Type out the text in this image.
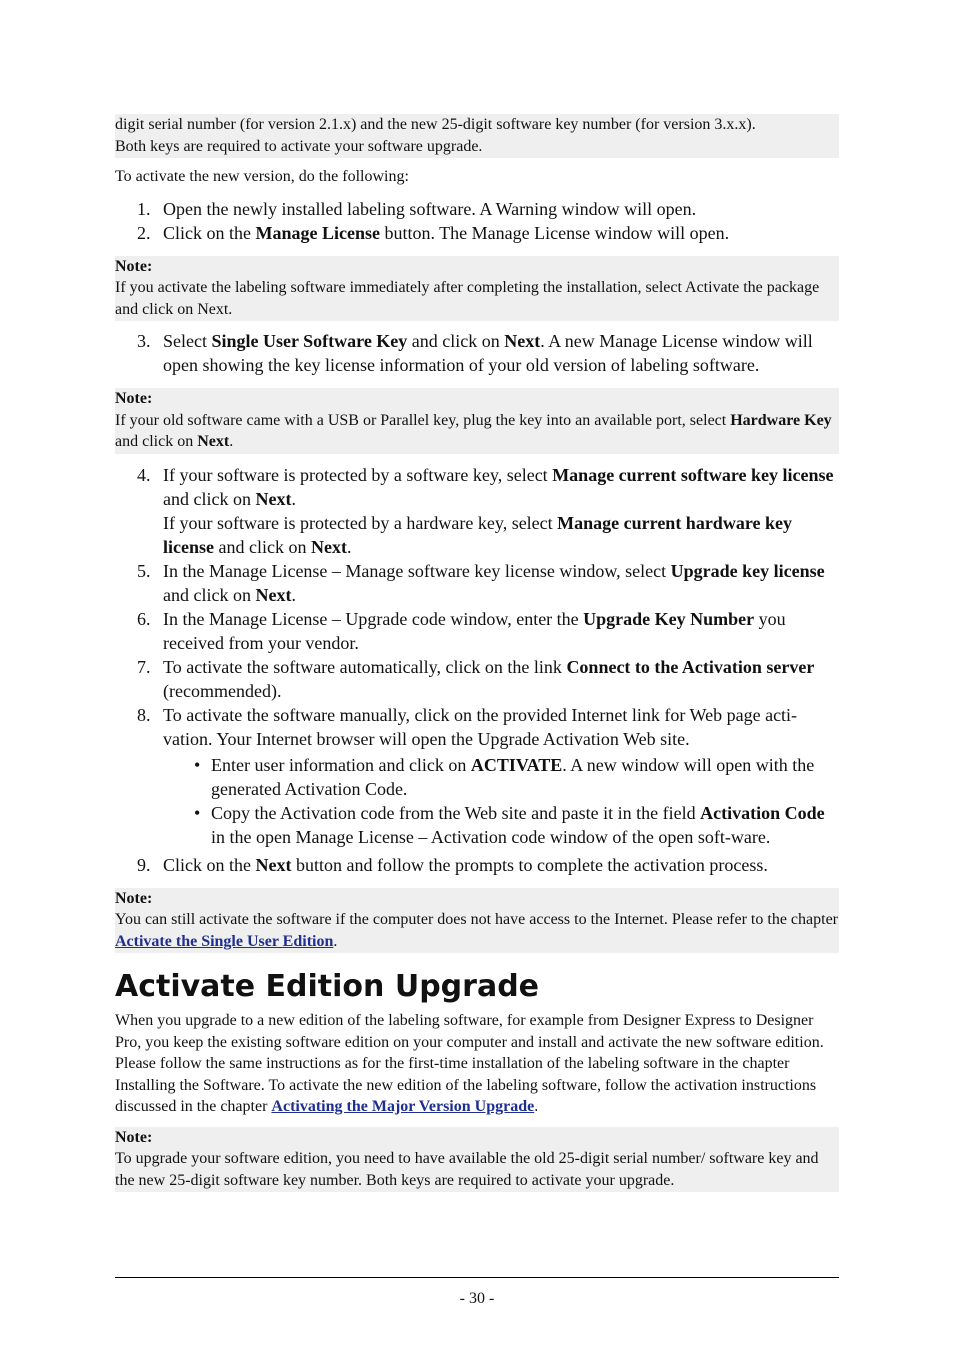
digit serial number (for version 2.1.x) and the new 25-digit software key number (for version 3.x.x).
Both keys are required to activate your software upgrade.
To activate the new version, do the following:
1. Open the newly installed labeling software. A Warning window will open.
2. Click on the Manage License button. The Manage License window will open.
Note:
If you activate the labeling software immediately after completing the installation, select Activate the package and click on Next.
3. Select Single User Software Key and click on Next. A new Manage License window will open showing the key license information of your old version of labeling software.
Note:
If your old software came with a USB or Parallel key, plug the key into an available port, select Hardware Key and click on Next.
4. If your software is protected by a software key, select Manage current software key license and click on Next.
If your software is protected by a hardware key, select Manage current hardware key license and click on Next.
5. In the Manage License – Manage software key license window, select Upgrade key license and click on Next.
6. In the Manage License – Upgrade code window, enter the Upgrade Key Number you received from your vendor.
7. To activate the software automatically, click on the link Connect to the Activation server (recommended).
8. To activate the software manually, click on the provided Internet link for Web page acti-vation. Your Internet browser will open the Upgrade Activation Web site.
• Enter user information and click on ACTIVATE. A new window will open with the generated Activation Code.
• Copy the Activation code from the Web site and paste it in the field Activation Code in the open Manage License – Activation code window of the open soft-ware.
9. Click on the Next button and follow the prompts to complete the activation process.
Note:
You can still activate the software if the computer does not have access to the Internet. Please refer to the chapter Activate the Single User Edition.
Activate Edition Upgrade
When you upgrade to a new edition of the labeling software, for example from Designer Express to Designer Pro, you keep the existing software edition on your computer and install and activate the new software edition. Please follow the same instructions as for the first-time installation of the labeling software in the chapter Installing the Software. To activate the new edition of the labeling software, follow the activation instructions discussed in the chapter Activating the Major Version Upgrade.
Note:
To upgrade your software edition, you need to have available the old 25-digit serial number/ software key and the new 25-digit software key number. Both keys are required to activate your upgrade.
- 30 -
